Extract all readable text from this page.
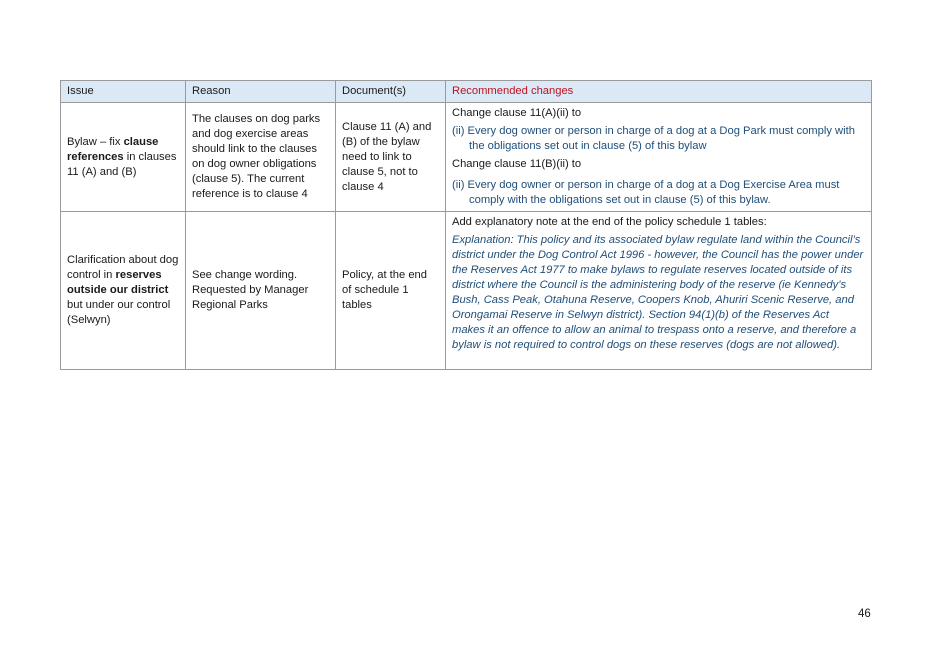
Issue	Reason	Document(s)	Recommended changes
Bylaw – fix clause references in clauses 11 (A) and (B)	The clauses on dog parks and dog exercise areas should link to the clauses on dog owner obligations (clause 5). The current reference is to clause 4	Clause 11 (A) and (B) of the bylaw need to link to clause 5, not to clause 4	Change clause 11(A)(ii) to

(ii) Every dog owner or person in charge of a dog at a Dog Park must comply with the obligations set out in clause (5) of this bylaw

Change clause 11(B)(ii) to

(ii) Every dog owner or person in charge of a dog at a Dog Exercise Area must comply with the obligations set out in clause (5) of this bylaw.

Clarification about dog control in reserves outside our district but under our control (Selwyn)	See change wording. Requested by Manager Regional Parks	Policy, at the end of schedule 1 tables	Add explanatory note at the end of the policy schedule 1 tables:

Explanation: This policy and its associated bylaw regulate land within the Council’s district under the Dog Control Act 1996 - however, the Council has the power under the Reserves Act 1977 to make bylaws to regulate reserves located outside of its district where the Council is the administering body of the reserve (ie Kennedy’s Bush, Cass Peak, Otahuna Reserve, Coopers Knob, Ahuriri Scenic Reserve, and Orongamai Reserve in Selwyn district). Section 94(1)(b) of the Reserves Act makes it an offence to allow an animal to trespass onto a reserve, and therefore a bylaw is not required to control dogs on these reserves (dogs are not allowed).

46
